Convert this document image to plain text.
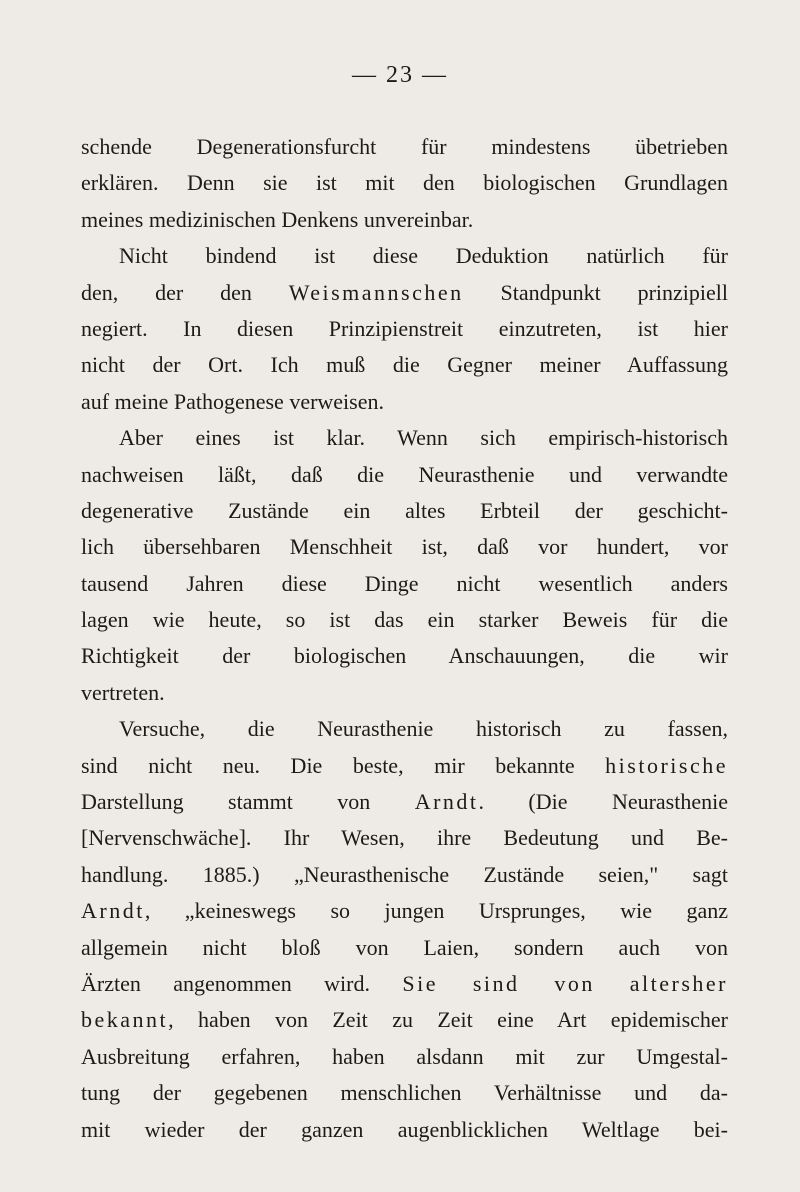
— 23 —
schende Degenerationsfurcht für mindestens übetrieben
erklären. Denn sie ist mit den biologischen Grundlagen
meines medizinischen Denkens unvereinbar.
Nicht bindend ist diese Deduktion natürlich für
den, der den Weismannschen Standpunkt prinzipiell
negiert. In diesen Prinzipienstreit einzutreten, ist hier
nicht der Ort. Ich muß die Gegner meiner Auffassung
auf meine Pathogenese verweisen.
Aber eines ist klar. Wenn sich empirisch-historisch
nachweisen läßt, daß die Neurasthenie und verwandte
degenerative Zustände ein altes Erbteil der geschicht-
lich übersehbaren Menschheit ist, daß vor hundert, vor
tausend Jahren diese Dinge nicht wesentlich anders
lagen wie heute, so ist das ein starker Beweis für die
Richtigkeit der biologischen Anschauungen, die wir
vertreten.
Versuche, die Neurasthenie historisch zu fassen,
sind nicht neu. Die beste, mir bekannte historische
Darstellung stammt von Arndt. (Die Neurasthenie
[Nervenschwäche]. Ihr Wesen, ihre Bedeutung und Be-
handlung. 1885.) „Neurasthenische Zustände seien," sagt
Arndt, „keineswegs so jungen Ursprunges, wie ganz
allgemein nicht bloß von Laien, sondern auch von
Ärzten angenommen wird. Sie sind von altersher
bekannt, haben von Zeit zu Zeit eine Art epidemischer
Ausbreitung erfahren, haben alsdann mit zur Umgestal-
tung der gegebenen menschlichen Verhältnisse und da-
mit wieder der ganzen augenblicklichen Weltlage bei-
